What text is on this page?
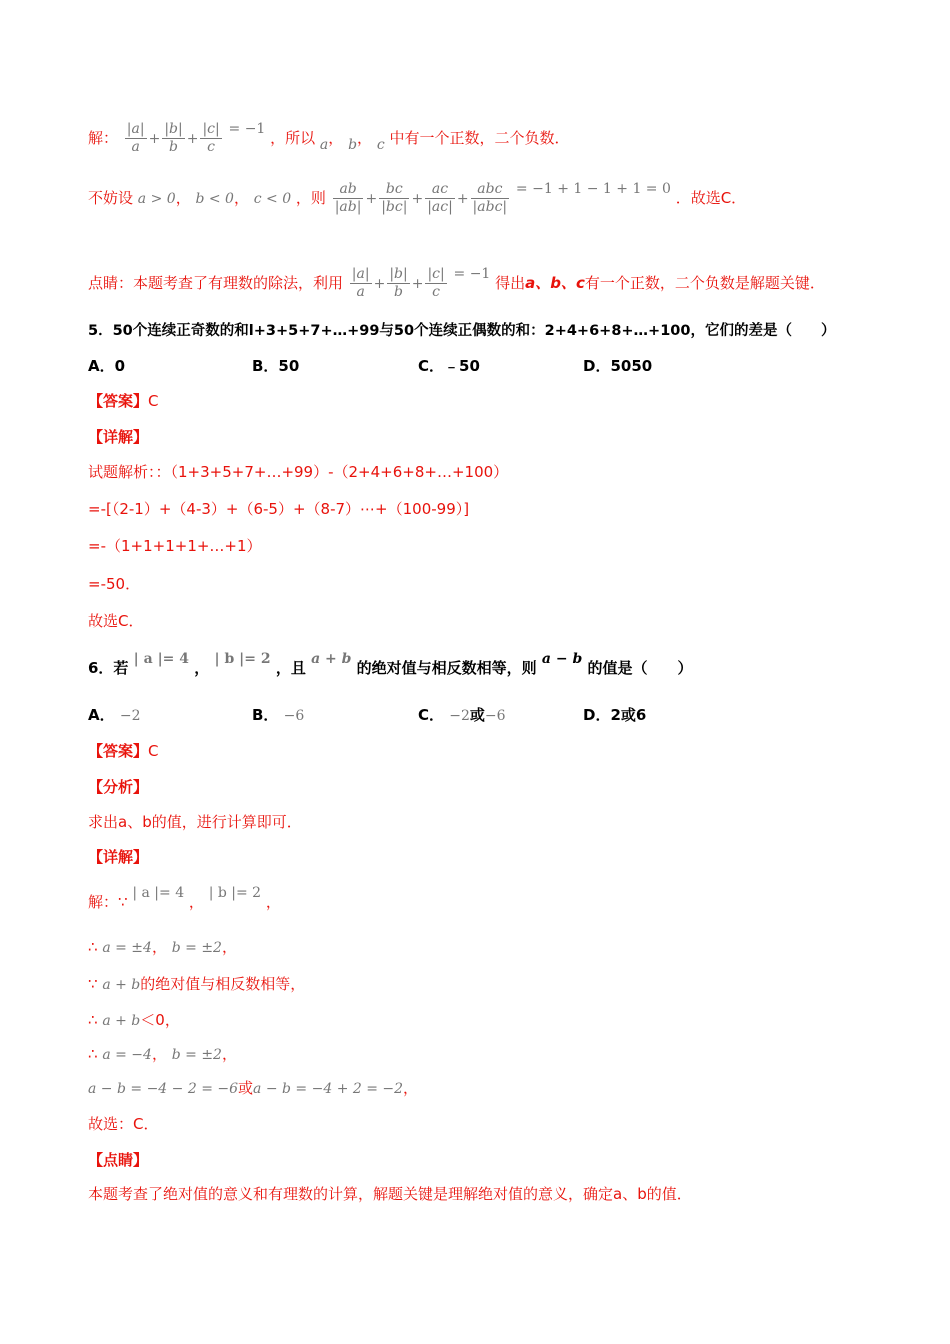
解： $\frac{|a|}{a} + \frac{|b|}{b} + \frac{|c|}{c} = -1$ ，所以 a， b， c 中有一个正数，二个负数．
不妨设 a > 0， b < 0， c < 0 ，则 $\frac{ab}{|ab|} + \frac{bc}{|bc|} + \frac{ac}{|ac|} + \frac{\text{abc}}{\text{|abc|}} = -1 + 1 - 1 + 1 = 0$ ．故选C．
点睛：本题考查了有理数的除法，利用 $\frac{|a|}{a} + \frac{|b|}{b} + \frac{|c|}{c} = -1$ 得出a、b、c有一个正数，二个负数是解题关键．
5．50个连续正奇数的和l+3+5+7+…+99与50个连续正偶数的和：2+4+6+8+…+100，它们的差是（　　）
A．0	B．50	C．﹣50	D．5050
【答案】C
【详解】
试题解析：：（1+3+5+7+…+99）-（2+4+6+8+…+100）
=-[（2-1）+（4-3）+（6-5）+（8-7）⋯+（100-99）]
=-（1+1+1+1+…+1）
=-50．
故选C．
6．若 | a |= 4 ， | b |= 2 ，且 a + b 的绝对值与相反数相等，则 a − b 的值是（　　）
A． −2	B． −6	C． −2或−6	D．2或6
【答案】C
【分析】
求出a、b的值，进行计算即可．
【详解】
解：∵ | a |= 4 ， | b |= 2 ，
∴ a = ±4， b = ±2，
∵ a + b的绝对值与相反数相等，
∴ a + b＜0，
∴ a = −4， b = ±2，
a − b = −4 − 2 = −6或a − b = −4 + 2 = −2，
故选：C．
【点睛】
本题考查了绝对值的意义和有理数的计算，解题关键是理解绝对值的意义，确定a、b的值．
